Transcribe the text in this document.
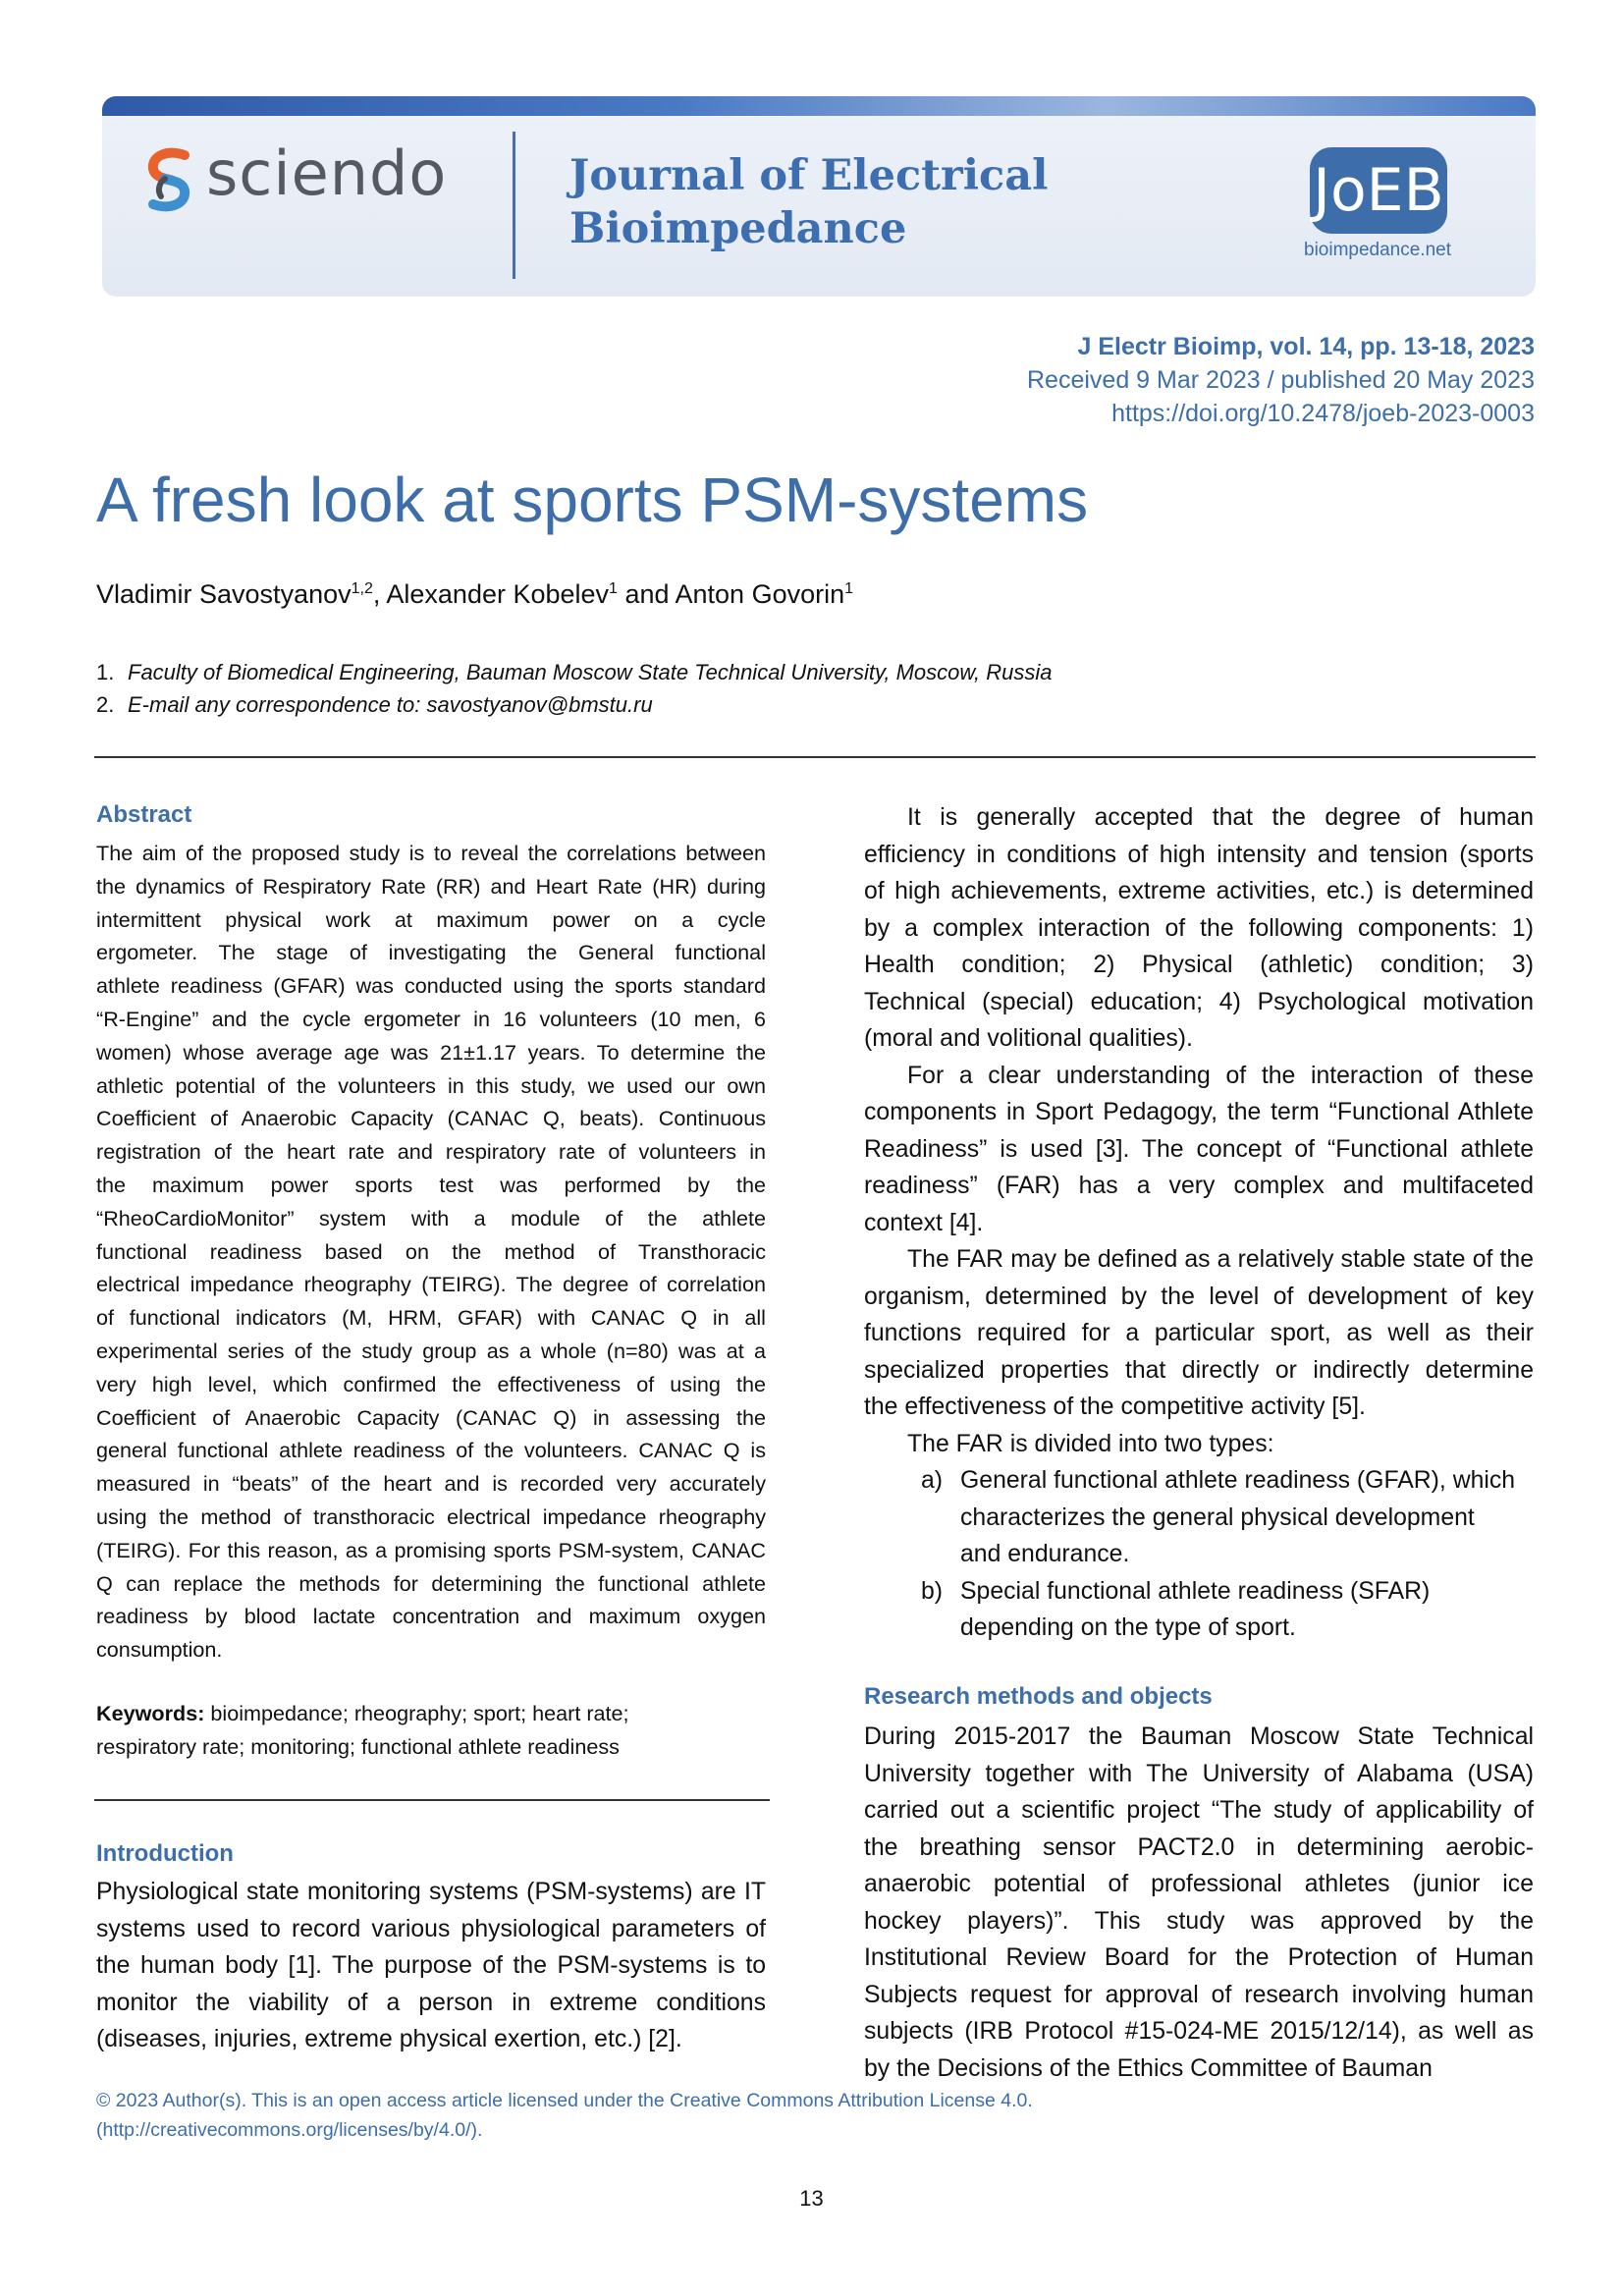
sciendo	Journal of Electrical
Bioimpedance
JoEB
bioimpedance.net
J Electr Bioimp, vol. 14, pp. 13-18, 2023
Received 9 Mar 2023 / published 20 May 2023
https://doi.org/10.2478/joeb-2023-0003
A fresh look at sports PSM-systems
Vladimir Savostyanov$^{1,2}$, Alexander Kobelev$^1$ and Anton Govorin$^1$
1. Faculty of Biomedical Engineering, Bauman Moscow State Technical University, Moscow, Russia
2. E-mail any correspondence to: savostyanov@bmstu.ru
Abstract
The aim of the proposed study is to reveal the correlations between
the dynamics of Respiratory Rate (RR) and Heart Rate (HR) during
intermittent physical work at maximum power on a cycle
ergometer. The stage of investigating the General functional
athlete readiness (GFAR) was conducted using the sports standard
“R-Engine” and the cycle ergometer in 16 volunteers (10 men, 6
women) whose average age was 21±1.17 years. To determine the
athletic potential of the volunteers in this study, we used our own
Coefficient of Anaerobic Capacity (CANAC Q, beats). Continuous
registration of the heart rate and respiratory rate of volunteers in
the maximum power sports test was performed by the
“RheoCardioMonitor” system with a module of the athlete
functional readiness based on the method of Transthoracic
electrical impedance rheography (TEIRG). The degree of correlation
of functional indicators (M, HRM, GFAR) with CANAC Q in all
experimental series of the study group as a whole (n=80) was at a
very high level, which confirmed the effectiveness of using the
Coefficient of Anaerobic Capacity (CANAC Q) in assessing the
general functional athlete readiness of the volunteers. CANAC Q is
measured in “beats” of the heart and is recorded very accurately
using the method of transthoracic electrical impedance rheography
(TEIRG). For this reason, as a promising sports PSM-system, CANAC
Q can replace the methods for determining the functional athlete
readiness by blood lactate concentration and maximum oxygen
consumption.
Keywords: bioimpedance; rheography; sport; heart rate;
respiratory rate; monitoring; functional athlete readiness
Introduction
Physiological state monitoring systems (PSM-systems) are IT
systems used to record various physiological parameters of
the human body [1]. The purpose of the PSM-systems is to
monitor the viability of a person in extreme conditions
(diseases, injuries, extreme physical exertion, etc.) [2].

It is generally accepted that the degree of human
efficiency in conditions of high intensity and tension (sports
of high achievements, extreme activities, etc.) is determined
by a complex interaction of the following components: 1)
Health condition; 2) Physical (athletic) condition; 3)
Technical (special) education; 4) Psychological motivation
(moral and volitional qualities).

For a clear understanding of the interaction of these
components in Sport Pedagogy, the term “Functional Athlete
Readiness” is used [3]. The concept of “Functional athlete
readiness” (FAR) has a very complex and multifaceted
context [4].

The FAR may be defined as a relatively stable state of the
organism, determined by the level of development of key
functions required for a particular sport, as well as their
specialized properties that directly or indirectly determine
the effectiveness of the competitive activity [5].

The FAR is divided into two types:

a) General functional athlete readiness (GFAR), which
characterizes the general physical development
and endurance.
b) Special functional athlete readiness (SFAR)
depending on the type of sport.
Research methods and objects
During 2015-2017 the Bauman Moscow State Technical
University together with The University of Alabama (USA)
carried out a scientific project “The study of applicability of
the breathing sensor PACT2.0 in determining aerobic-
anaerobic potential of professional athletes (junior ice
hockey players)”. This study was approved by the
Institutional Review Board for the Protection of Human
Subjects request for approval of research involving human
subjects (IRB Protocol #15-024-ME 2015/12/14), as well as
by the Decisions of the Ethics Committee of Bauman
© 2023 Author(s). This is an open access article licensed under the Creative Commons Attribution License 4.0.
(http://creativecommons.org/licenses/by/4.0/).
13
